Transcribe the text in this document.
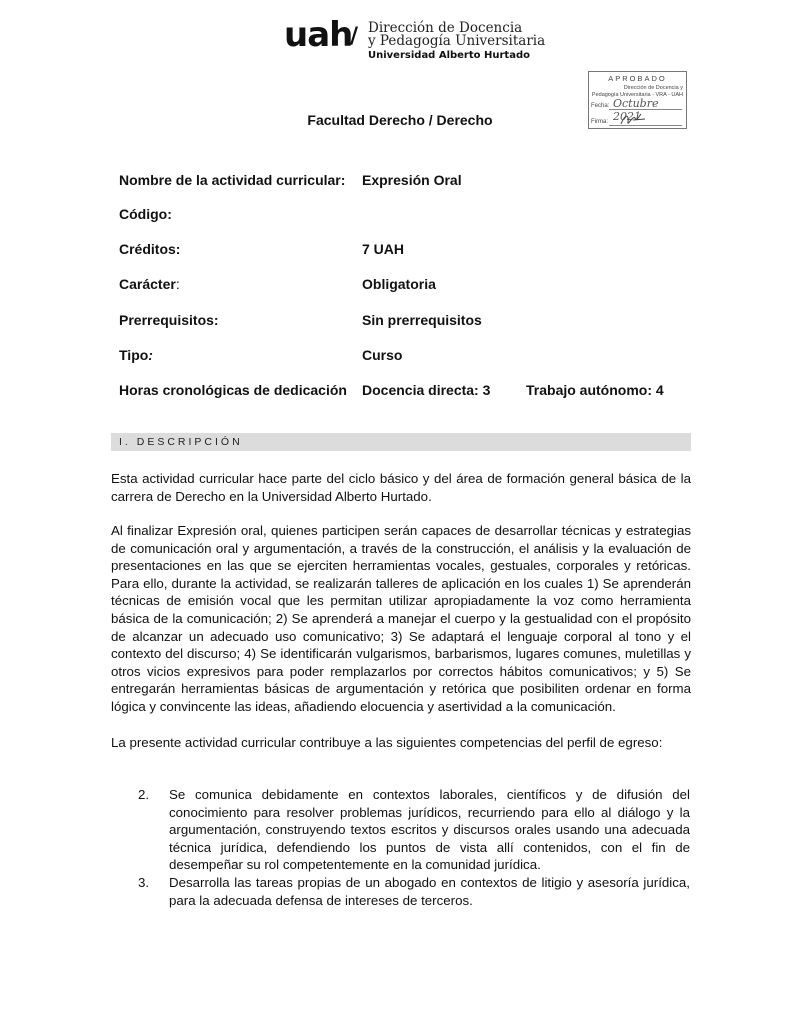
uah
/ Dirección de Docencia
y Pedagogía Universitaria
Universidad Alberto Hurtado
APROBADO
Dirección de Docencia y
Pedagogía Universitaria - VRA - UAH
Fecha: Octubre 2021
Firma:
Facultad Derecho / Derecho
Nombre de la actividad curricular: Expresión Oral
Código:
Créditos:	7 UAH
Carácter:	Obligatoria
Prerrequisitos:	Sin prerrequisitos
Tipo:	Curso
Horas cronológicas de dedicación Docencia directa: 3	Trabajo autónomo: 4
I. DESCRIPCIÓN
Esta actividad curricular hace parte del ciclo básico y del área de formación general básica de la carrera de Derecho en la Universidad Alberto Hurtado.
Al finalizar Expresión oral, quienes participen serán capaces de desarrollar técnicas y estrategias de comunicación oral y argumentación, a través de la construcción, el análisis y la evaluación de presentaciones en las que se ejerciten herramientas vocales, gestuales, corporales y retóricas. Para ello, durante la actividad, se realizarán talleres de aplicación en los cuales 1) Se aprenderán técnicas de emisión vocal que les permitan utilizar apropiadamente la voz como herramienta básica de la comunicación; 2) Se aprenderá a manejar el cuerpo y la gestualidad con el propósito de alcanzar un adecuado uso comunicativo; 3) Se adaptará el lenguaje corporal al tono y el contexto del discurso; 4) Se identificarán vulgarismos, barbarismos, lugares comunes, muletillas y otros vicios expresivos para poder remplazarlos por correctos hábitos comunicativos; y 5) Se entregarán herramientas básicas de argumentación y retórica que posibiliten ordenar en forma lógica y convincente las ideas, añadiendo elocuencia y asertividad a la comunicación.
La presente actividad curricular contribuye a las siguientes competencias del perfil de egreso:
2. Se comunica debidamente en contextos laborales, científicos y de difusión del conocimiento para resolver problemas jurídicos, recurriendo para ello al diálogo y la argumentación, construyendo textos escritos y discursos orales usando una adecuada técnica jurídica, defendiendo los puntos de vista allí contenidos, con el fin de desempeñar su rol competentemente en la comunidad jurídica.
3. Desarrolla las tareas propias de un abogado en contextos de litigio y asesoría jurídica, para la adecuada defensa de intereses de terceros.
